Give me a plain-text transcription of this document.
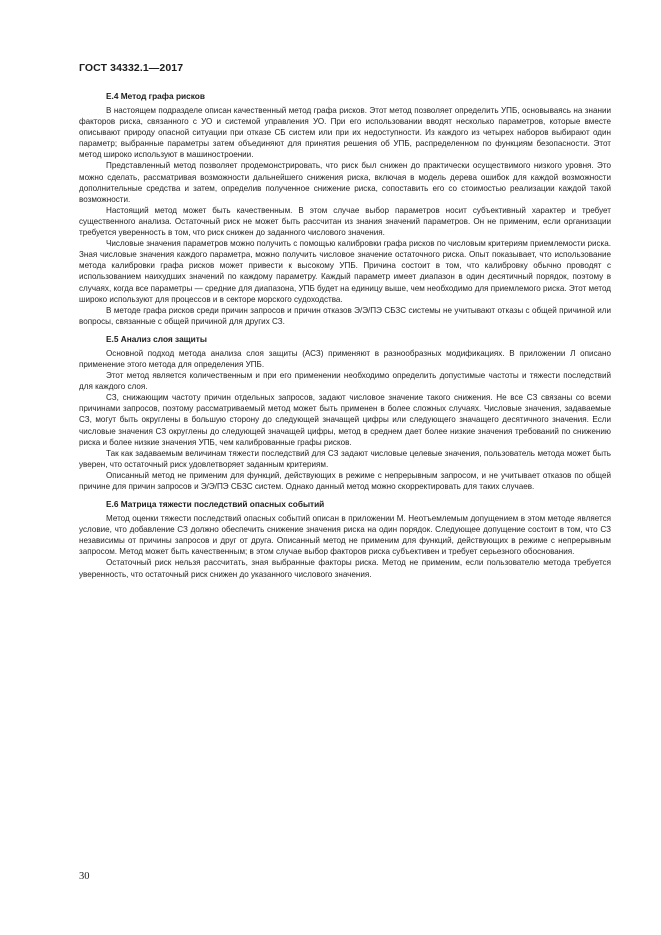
ГОСТ 34332.1—2017
Е.4 Метод графа рисков

В настоящем подразделе описан качественный метод графа рисков. Этот метод позволяет определить УПБ, основываясь на знании факторов риска, связанного с УО и системой управления УО. При его использовании вводят несколько параметров, которые вместе описывают природу опасной ситуации при отказе СБ систем или при их недоступности. Из каждого из четырех наборов выбирают один параметр; выбранные параметры затем объединяют для принятия решения об УПБ, распределенном по функциям безопасности. Этот метод широко используют в машиностроении.

Представленный метод позволяет продемонстрировать, что риск был снижен до практически осуществимого низкого уровня. Это можно сделать, рассматривая возможности дальнейшего снижения риска, включая в модель дерева ошибок для каждой возможности дополнительные средства и затем, определив полученное снижение риска, сопоставить его со стоимостью реализации каждой такой возможности.

Настоящий метод может быть качественным. В этом случае выбор параметров носит субъективный характер и требует существенного анализа. Остаточный риск не может быть рассчитан из знания значений параметров. Он не применим, если организации требуется уверенность в том, что риск снижен до заданного числового значения.

Числовые значения параметров можно получить с помощью калибровки графа рисков по числовым критериям приемлемости риска. Зная числовые значения каждого параметра, можно получить числовое значение остаточного риска. Опыт показывает, что использование метода калибровки графа рисков может привести к высокому УПБ. Причина состоит в том, что калибровку обычно проводят с использованием наихудших значений по каждому параметру. Каждый параметр имеет диапазон в один десятичный порядок, поэтому в случаях, когда все параметры — средние для диапазона, УПБ будет на единицу выше, чем необходимо для приемлемого риска. Этот метод широко используют для процессов и в секторе морского судоходства.

В методе графа рисков среди причин запросов и причин отказов Э/Э/ПЭ СБЗС системы не учитывают отказы с общей причиной или вопросы, связанные с общей причиной для других СЗ.

Е.5 Анализ слоя защиты

Основной подход метода анализа слоя защиты (АСЗ) применяют в разнообразных модификациях. В приложении Л описано применение этого метода для определения УПБ.

Этот метод является количественным и при его применении необходимо определить допустимые частоты и тяжести последствий для каждого слоя.

СЗ, снижающим частоту причин отдельных запросов, задают числовое значение такого снижения. Не все СЗ связаны со всеми причинами запросов, поэтому рассматриваемый метод может быть применен в более сложных случаях. Числовые значения, задаваемые СЗ, могут быть округлены в большую сторону до следующей значащей цифры или следующего значащего десятичного значения. Если числовые значения СЗ округлены до следующей значащей цифры, метод в среднем дает более низкие значения требований по снижению риска и более низкие значения УПБ, чем калиброванные графы рисков.

Так как задаваемым величинам тяжести последствий для СЗ задают числовые целевые значения, пользователь метода может быть уверен, что остаточный риск удовлетворяет заданным критериям.

Описанный метод не применим для функций, действующих в режиме с непрерывным запросом, и не учитывает отказов по общей причине для причин запросов и Э/Э/ПЭ СБЗС систем. Однако данный метод можно скорректировать для таких случаев.

Е.6 Матрица тяжести последствий опасных событий

Метод оценки тяжести последствий опасных событий описан в приложении М. Неотъемлемым допущением в этом методе является условие, что добавление СЗ должно обеспечить снижение значения риска на один порядок. Следующее допущение состоит в том, что СЗ независимы от причины запросов и друг от друга. Описанный метод не применим для функций, действующих в режиме с непрерывным запросом. Метод может быть качественным; в этом случае выбор факторов риска субъективен и требует серьезного обоснования.

Остаточный риск нельзя рассчитать, зная выбранные факторы риска. Метод не применим, если пользователю метода требуется уверенность, что остаточный риск снижен до указанного числового значения.

30
